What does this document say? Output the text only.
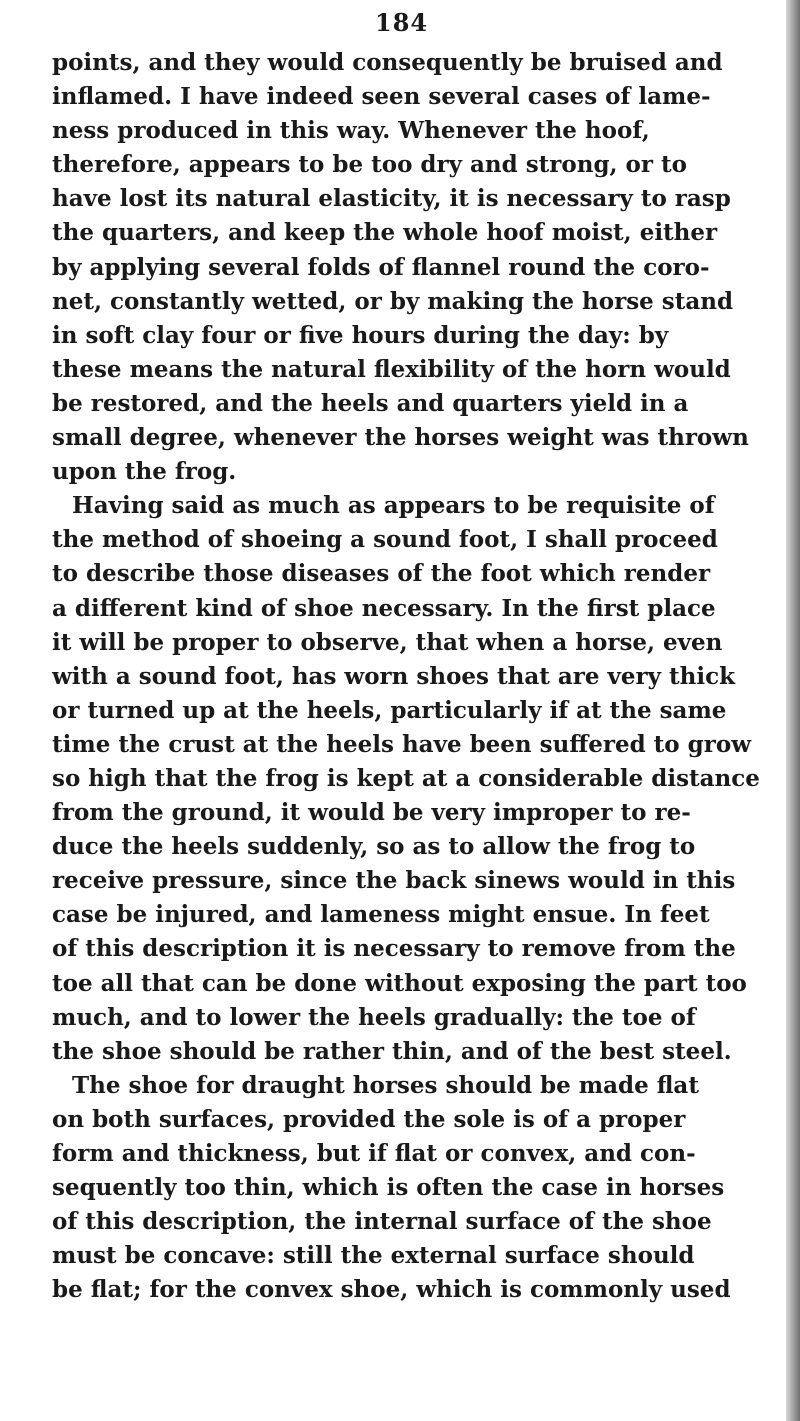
184
points, and they would consequently be bruised and
inflamed. I have indeed seen several cases of lame-
ness produced in this way. Whenever the hoof,
therefore, appears to be too dry and strong, or to
have lost its natural elasticity, it is necessary to rasp
the quarters, and keep the whole hoof moist, either
by applying several folds of flannel round the coro-
net, constantly wetted, or by making the horse stand
in soft clay four or five hours during the day: by
these means the natural flexibility of the horn would
be restored, and the heels and quarters yield in a
small degree, whenever the horses weight was thrown
upon the frog.
Having said as much as appears to be requisite of
the method of shoeing a sound foot, I shall proceed
to describe those diseases of the foot which render
a different kind of shoe necessary. In the first place
it will be proper to observe, that when a horse, even
with a sound foot, has worn shoes that are very thick
or turned up at the heels, particularly if at the same
time the crust at the heels have been suffered to grow
so high that the frog is kept at a considerable distance
from the ground, it would be very improper to re-
duce the heels suddenly, so as to allow the frog to
receive pressure, since the back sinews would in this
case be injured, and lameness might ensue. In feet
of this description it is necessary to remove from the
toe all that can be done without exposing the part too
much, and to lower the heels gradually: the toe of
the shoe should be rather thin, and of the best steel.
The shoe for draught horses should be made flat
on both surfaces, provided the sole is of a proper
form and thickness, but if flat or convex, and con-
sequently too thin, which is often the case in horses
of this description, the internal surface of the shoe
must be concave: still the external surface should
be flat; for the convex shoe, which is commonly used
